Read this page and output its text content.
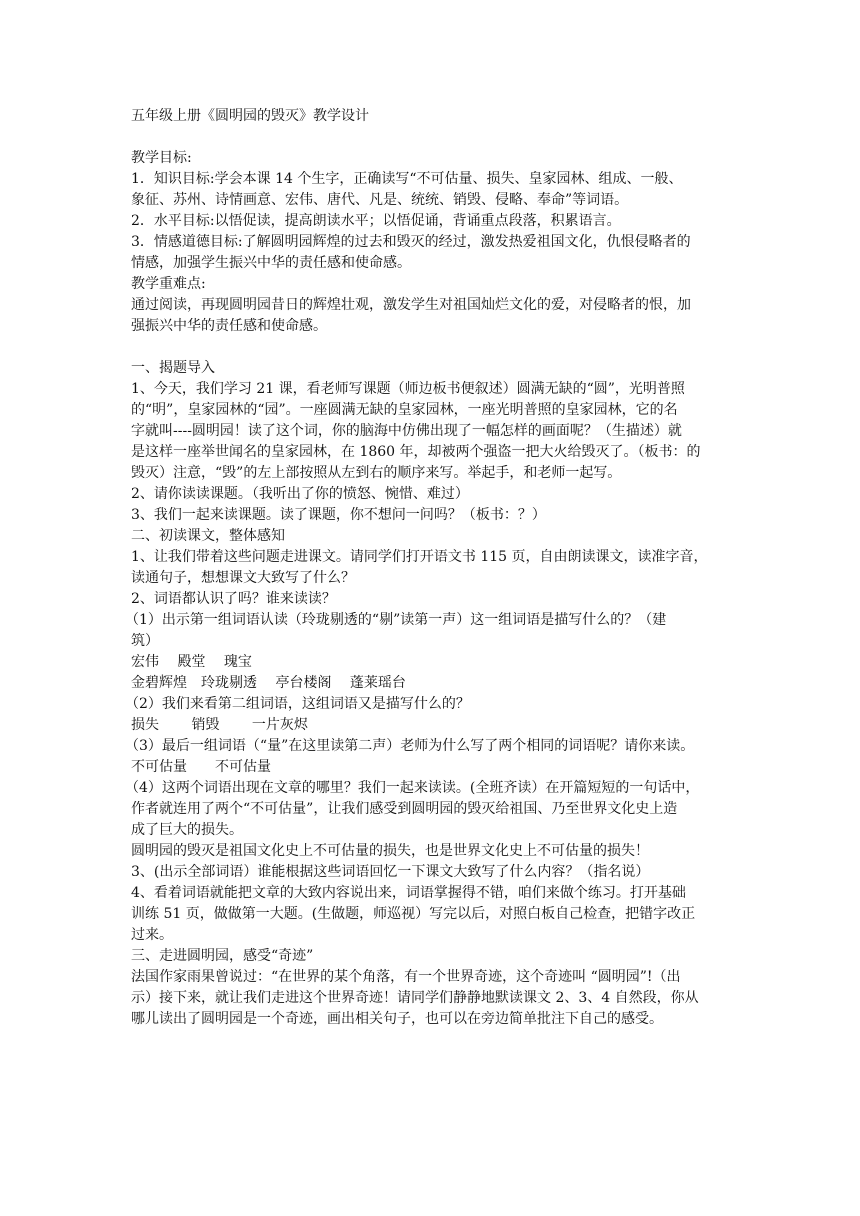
五年级上册《圆明园的毁灭》教学设计
教学目标:
1．知识目标:学会本课 14 个生字，正确读写“不可估量、损失、皇家园林、组成、一般、
象征、苏州、诗情画意、宏伟、唐代、凡是、统统、销毁、侵略、奉命”等词语。
2．水平目标:以悟促读，提高朗读水平；以悟促诵，背诵重点段落，积累语言。
3．情感道德目标:了解圆明园辉煌的过去和毁灭的经过，激发热爱祖国文化，仇恨侵略者的
情感，加强学生振兴中华的责任感和使命感。
教学重难点:
通过阅读，再现圆明园昔日的辉煌壮观，激发学生对祖国灿烂文化的爱，对侵略者的恨，加
强振兴中华的责任感和使命感。
一、揭题导入
1、今天，我们学习 21 课，看老师写课题（师边板书便叙述）圆满无缺的“圆”，光明普照
的“明”，皇家园林的“园”。一座圆满无缺的皇家园林，一座光明普照的皇家园林，它的名
字就叫----圆明园！读了这个词，你的脑海中仿佛出现了一幅怎样的画面呢？（生描述）就
是这样一座举世闻名的皇家园林，在 1860 年，却被两个强盗一把大火给毁灭了。（板书：的
毁灭）注意，“毁”的左上部按照从左到右的顺序来写。举起手，和老师一起写。
2、请你读读课题。（我听出了你的愤怒、惋惜、难过）
3、我们一起来读课题。读了课题，你不想问一问吗？（板书：？）
二、初读课文，整体感知
1、让我们带着这些问题走进课文。请同学们打开语文书 115 页，自由朗读课文，读准字音，
读通句子，想想课文大致写了什么？
2、词语都认识了吗？谁来读读？
（1）出示第一组词语认读（玲珑剔透的“剔”读第一声）这一组词语是描写什么的？（建
筑）
宏伟　 殿堂　 瑰宝
金碧辉煌　玲珑剔透　 亭台楼阁　 蓬莱瑶台
（2）我们来看第二组词语，这组词语又是描写什么的？
损失　　 销毁　　 一片灰烬
（3）最后一组词语（“量”在这里读第二声）老师为什么写了两个相同的词语呢？请你来读。
不可估量　　不可估量
（4）这两个词语出现在文章的哪里？我们一起来读读。(全班齐读）在开篇短短的一句话中，
作者就连用了两个“不可估量”，让我们感受到圆明园的毁灭给祖国、乃至世界文化史上造
成了巨大的损失。
圆明园的毁灭是祖国文化史上不可估量的损失，也是世界文化史上不可估量的损失！
3、(出示全部词语）谁能根据这些词语回忆一下课文大致写了什么内容？（指名说）
4、看着词语就能把文章的大致内容说出来，词语掌握得不错，咱们来做个练习。打开基础
训练 51 页，做做第一大题。(生做题，师巡视）写完以后，对照白板自己检查，把错字改正
过来。
三、走进圆明园，感受“奇迹”
法国作家雨果曾说过：“在世界的某个角落，有一个世界奇迹，这个奇迹叫 “圆明园”!（出
示）接下来，就让我们走进这个世界奇迹！请同学们静静地默读课文 2、3、4 自然段，你从
哪儿读出了圆明园是一个奇迹，画出相关句子，也可以在旁边简单批注下自己的感受。
